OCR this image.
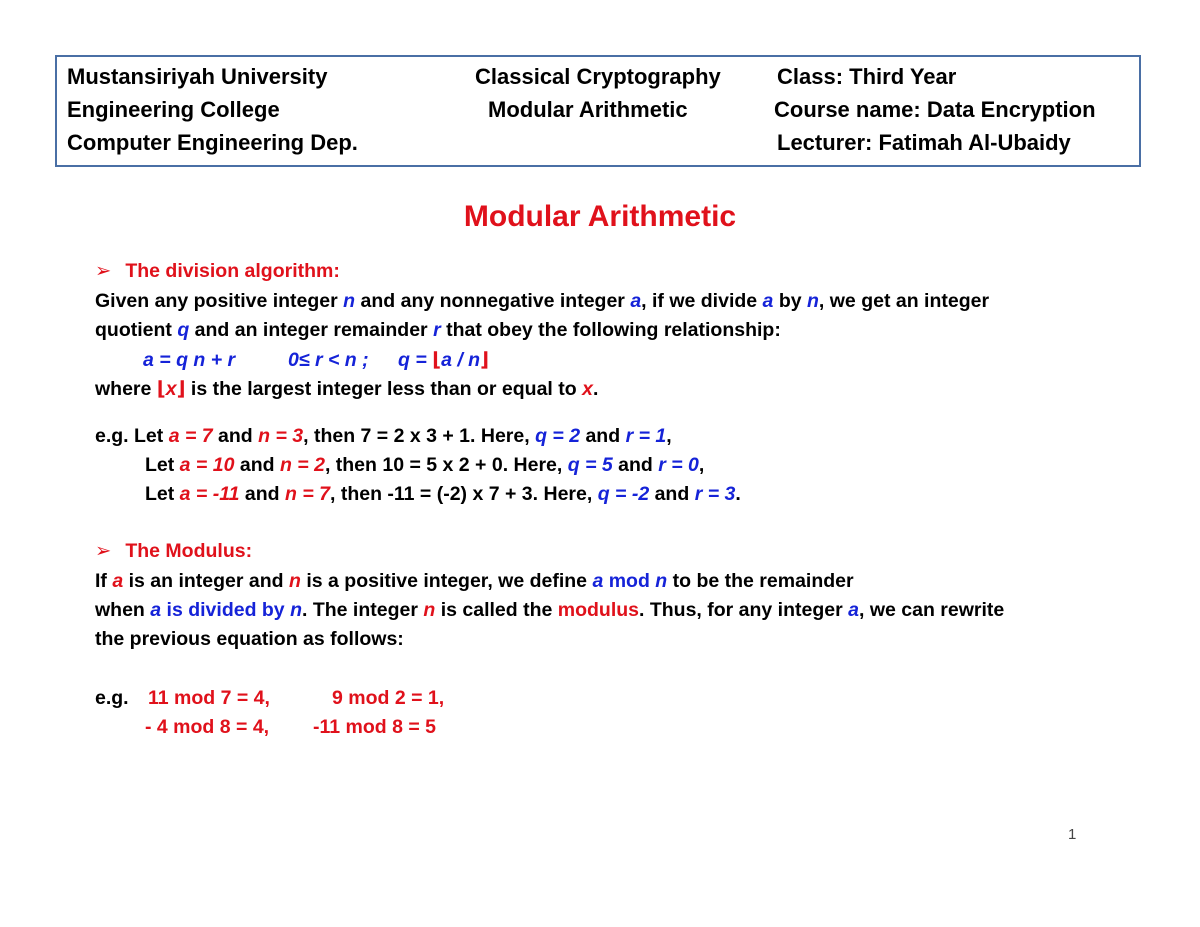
Mustansiriyah University
Engineering College
Computer Engineering Dep.
Classical Cryptography
Modular Arithmetic
Class: Third Year
Course name: Data Encryption
Lecturer: Fatimah Al-Ubaidy
Modular Arithmetic
➢ The division algorithm:
Given any positive integer n and any nonnegative integer a, if we divide a by n, we get an integer
quotient q and an integer remainder r that obey the following relationship:
a = q n + r	0≤ r < n ; q = ⌊a / n⌋
where ⌊x⌋ is the largest integer less than or equal to x.
e.g. Let a = 7 and n = 3, then 7 = 2 x 3 + 1. Here, q = 2 and r = 1,
Let a = 10 and n = 2, then 10 = 5 x 2 + 0. Here, q = 5 and r = 0,
Let a = -11 and n = 7, then -11 = (-2) x 7 + 3. Here, q = -2 and r = 3.
➢ The Modulus:
If a is an integer and n is a positive integer, we define a mod n to be the remainder
when a is divided by n. The integer n is called the modulus. Thus, for any integer a, we can rewrite
the previous equation as follows:
e.g. 11 mod 7 = 4,	9 mod 2 = 1,
- 4 mod 8 = 4, -11 mod 8 = 5
1
